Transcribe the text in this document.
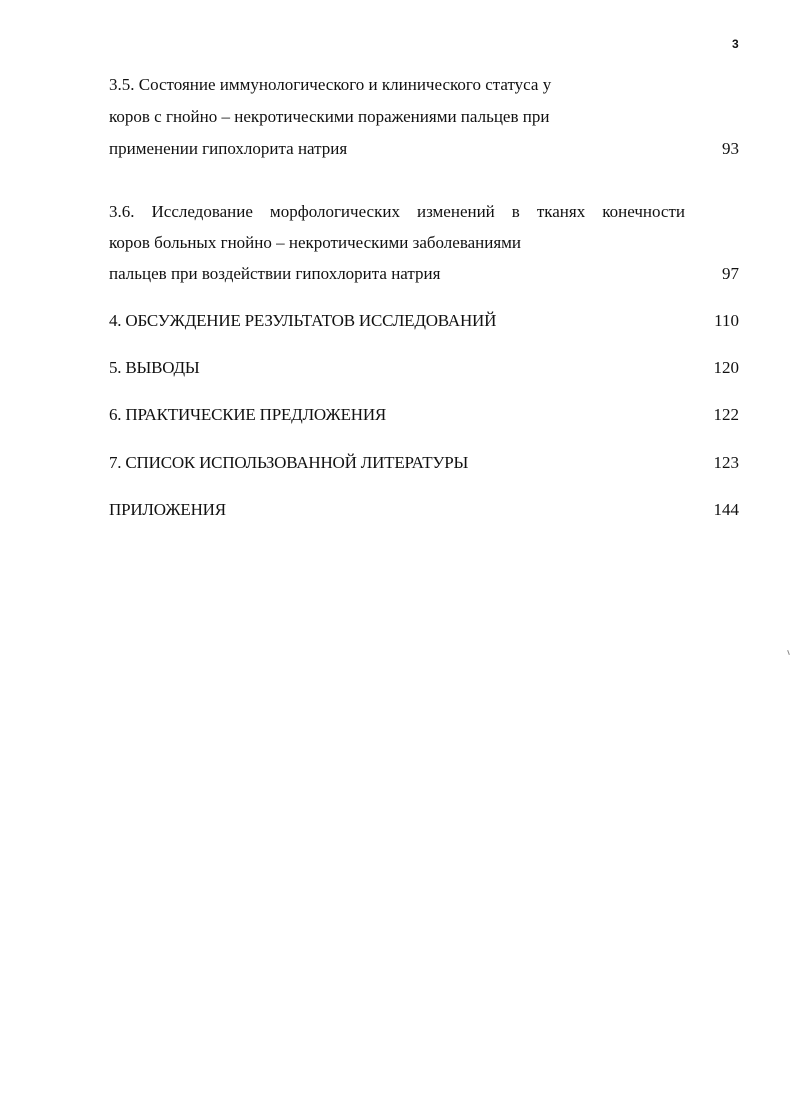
3
3.5. Состояние иммунологического и клинического статуса у
коров с гнойно – некротическими поражениями пальцев при
применении гипохлорита натрия	93
3.6. Исследование морфологических изменений в тканях конечности
коров больных гнойно – некротическими заболеваниями
пальцев при воздействии гипохлорита натрия	97
4. ОБСУЖДЕНИЕ РЕЗУЛЬТАТОВ ИССЛЕДОВАНИЙ	110
5. ВЫВОДЫ	120
6. ПРАКТИЧЕСКИЕ ПРЕДЛОЖЕНИЯ	122
7. СПИСОК ИСПОЛЬЗОВАННОЙ ЛИТЕРАТУРЫ	123
ПРИЛОЖЕНИЯ	144
